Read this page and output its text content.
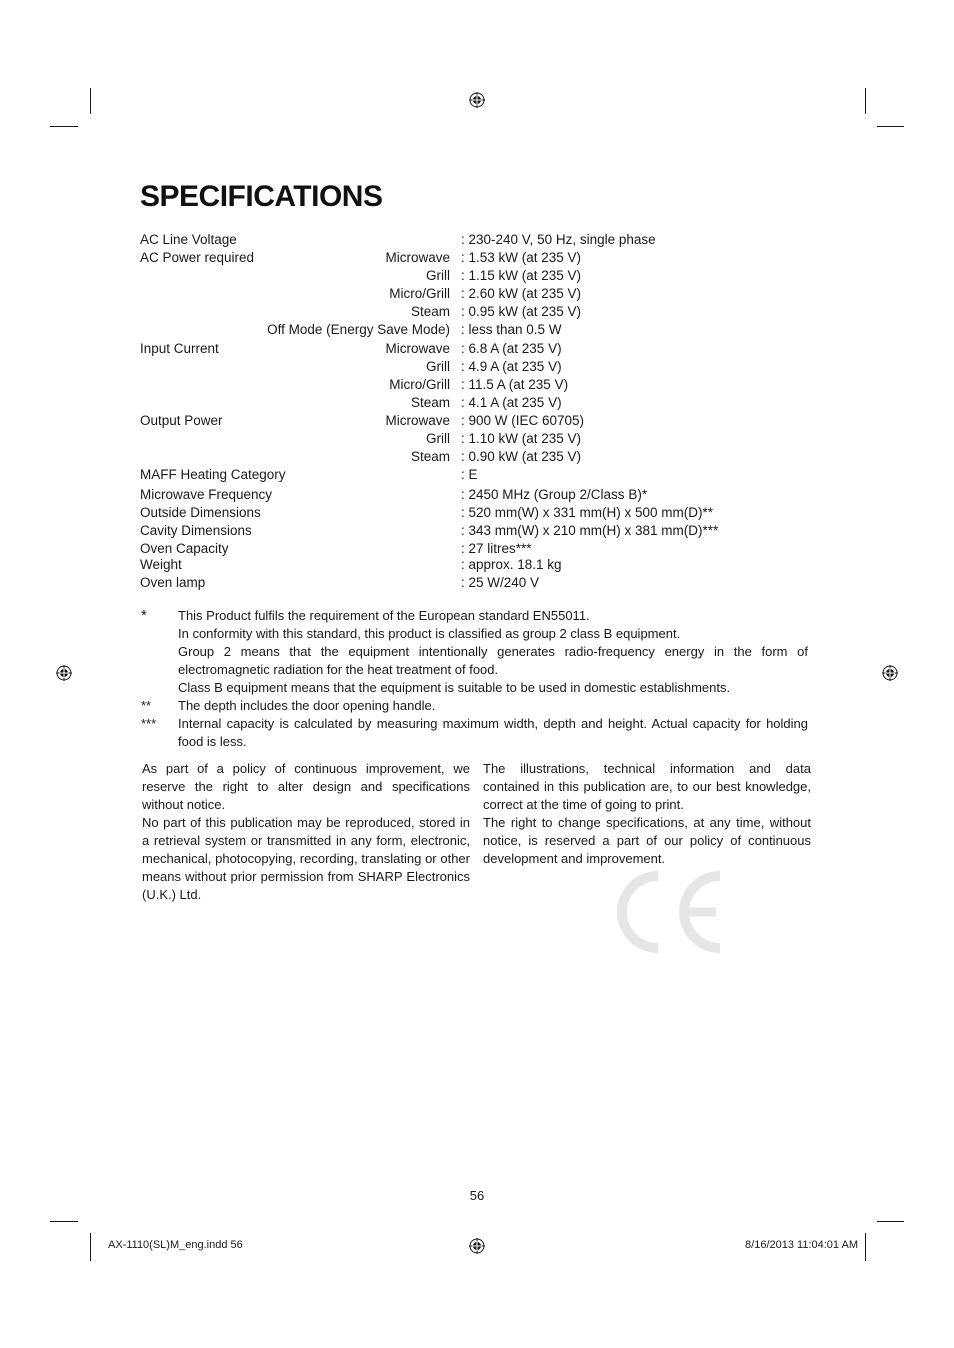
SPECIFICATIONS
AC Line Voltage	: 230-240 V, 50 Hz, single phase
AC Power required	Microwave : 1.53 kW (at 235 V)
Grill : 1.15 kW (at 235 V)
Micro/Grill : 2.60 kW (at 235 V)
Steam : 0.95 kW (at 235 V)
Off Mode (Energy Save Mode) : less than 0.5 W
Input Current	Microwave : 6.8 A (at 235 V)
Grill : 4.9 A (at 235 V)
Micro/Grill : 11.5 A (at 235 V)
Steam : 4.1 A (at 235 V)
Output Power	Microwave : 900 W (IEC 60705)
Grill : 1.10 kW (at 235 V)
Steam : 0.90 kW (at 235 V)
MAFF Heating Category	: E
Microwave Frequency	: 2450 MHz (Group 2/Class B)*
Outside Dimensions	: 520 mm(W) x 331 mm(H) x 500 mm(D)**
Cavity Dimensions	: 343 mm(W) x 210 mm(H) x 381 mm(D)***
Oven Capacity	: 27 litres***
Weight	: approx. 18.1 kg
Oven lamp	: 25 W/240 V
* This Product fulfils the requirement of the European standard EN55011.
In conformity with this standard, this product is classified as group 2 class B equipment.
Group 2 means that the equipment intentionally generates radio-frequency energy in the form of electromagnetic radiation for the heat treatment of food.
Class B equipment means that the equipment is suitable to be used in domestic establishments.
** The depth includes the door opening handle.
*** Internal capacity is calculated by measuring maximum width, depth and height. Actual capacity for holding food is less.
As part of a policy of continuous improvement, we reserve the right to alter design and specifications without notice.
No part of this publication may be reproduced, stored in a retrieval system or transmitted in any form, electronic, mechanical, photocopying, recording, translating or other means without prior permission from SHARP Electronics (U.K.) Ltd.
The illustrations, technical information and data contained in this publication are, to our best knowledge, correct at the time of going to print.
The right to change specifications, at any time, without notice, is reserved a part of our policy of continuous development and improvement.
56
AX-1110(SL)M_eng.indd 56	8/16/2013 11:04:01 AM
